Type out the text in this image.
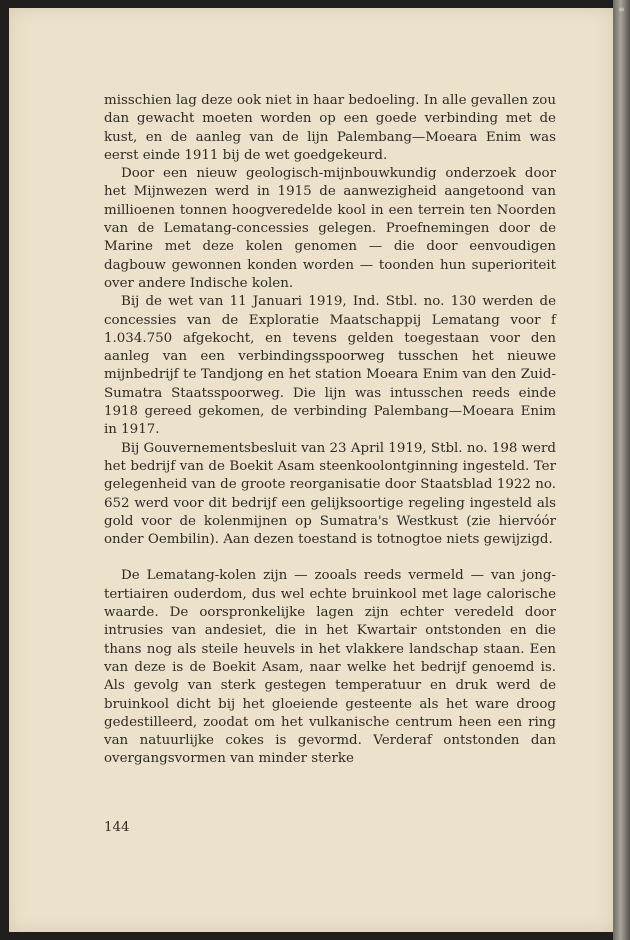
≡

misschien lag deze ook niet in haar bedoeling. In alle gevallen zou dan gewacht moeten worden op een goede verbinding met de kust, en de aanleg van de lijn Palembang—Moeara Enim was eerst einde 1911 bij de wet goedgekeurd.

Door een nieuw geologisch-mijnbouwkundig onderzoek door het Mijnwezen werd in 1915 de aanwezigheid aangetoond van millioenen tonnen hoogveredelde kool in een terrein ten Noorden van de Lematang-concessies gelegen. Proefnemingen door de Marine met deze kolen genomen — die door eenvoudigen dagbouw gewonnen konden worden — toonden hun superioriteit over andere Indische kolen.

Bij de wet van 11 Januari 1919, Ind. Stbl. no. 130 werden de concessies van de Exploratie Maatschappij Lematang voor f 1.034.750 afgekocht, en tevens gelden toegestaan voor den aanleg van een verbindingsspoorweg tusschen het nieuwe mijnbedrijf te Tandjong en het station Moeara Enim van den Zuid-Sumatra Staatsspoorweg. Die lijn was intusschen reeds einde 1918 gereed gekomen, de verbinding Palembang—Moeara Enim in 1917.

Bij Gouvernementsbesluit van 23 April 1919, Stbl. no. 198 werd het bedrijf van de Boekit Asam steenkoolontginning ingesteld. Ter gelegenheid van de groote reorganisatie door Staatsblad 1922 no. 652 werd voor dit bedrijf een gelijksoortige regeling ingesteld als gold voor de kolenmijnen op Sumatra's Westkust (zie hiervóór onder Oembilin). Aan dezen toestand is totnogtoe niets gewijzigd.

De Lematang-kolen zijn — zooals reeds vermeld — van jong-tertiairen ouderdom, dus wel echte bruinkool met lage calorische waarde. De oorspronkelijke lagen zijn echter veredeld door intrusies van andesiet, die in het Kwartair ontstonden en die thans nog als steile heuvels in het vlakkere landschap staan. Een van deze is de Boekit Asam, naar welke het bedrijf genoemd is. Als gevolg van sterk gestegen temperatuur en druk werd de bruinkool dicht bij het gloeiende gesteente als het ware droog gedestilleerd, zoodat om het vulkanische centrum heen een ring van natuurlijke cokes is gevormd. Verderaf ontstonden dan overgangsvormen van minder sterke

144
